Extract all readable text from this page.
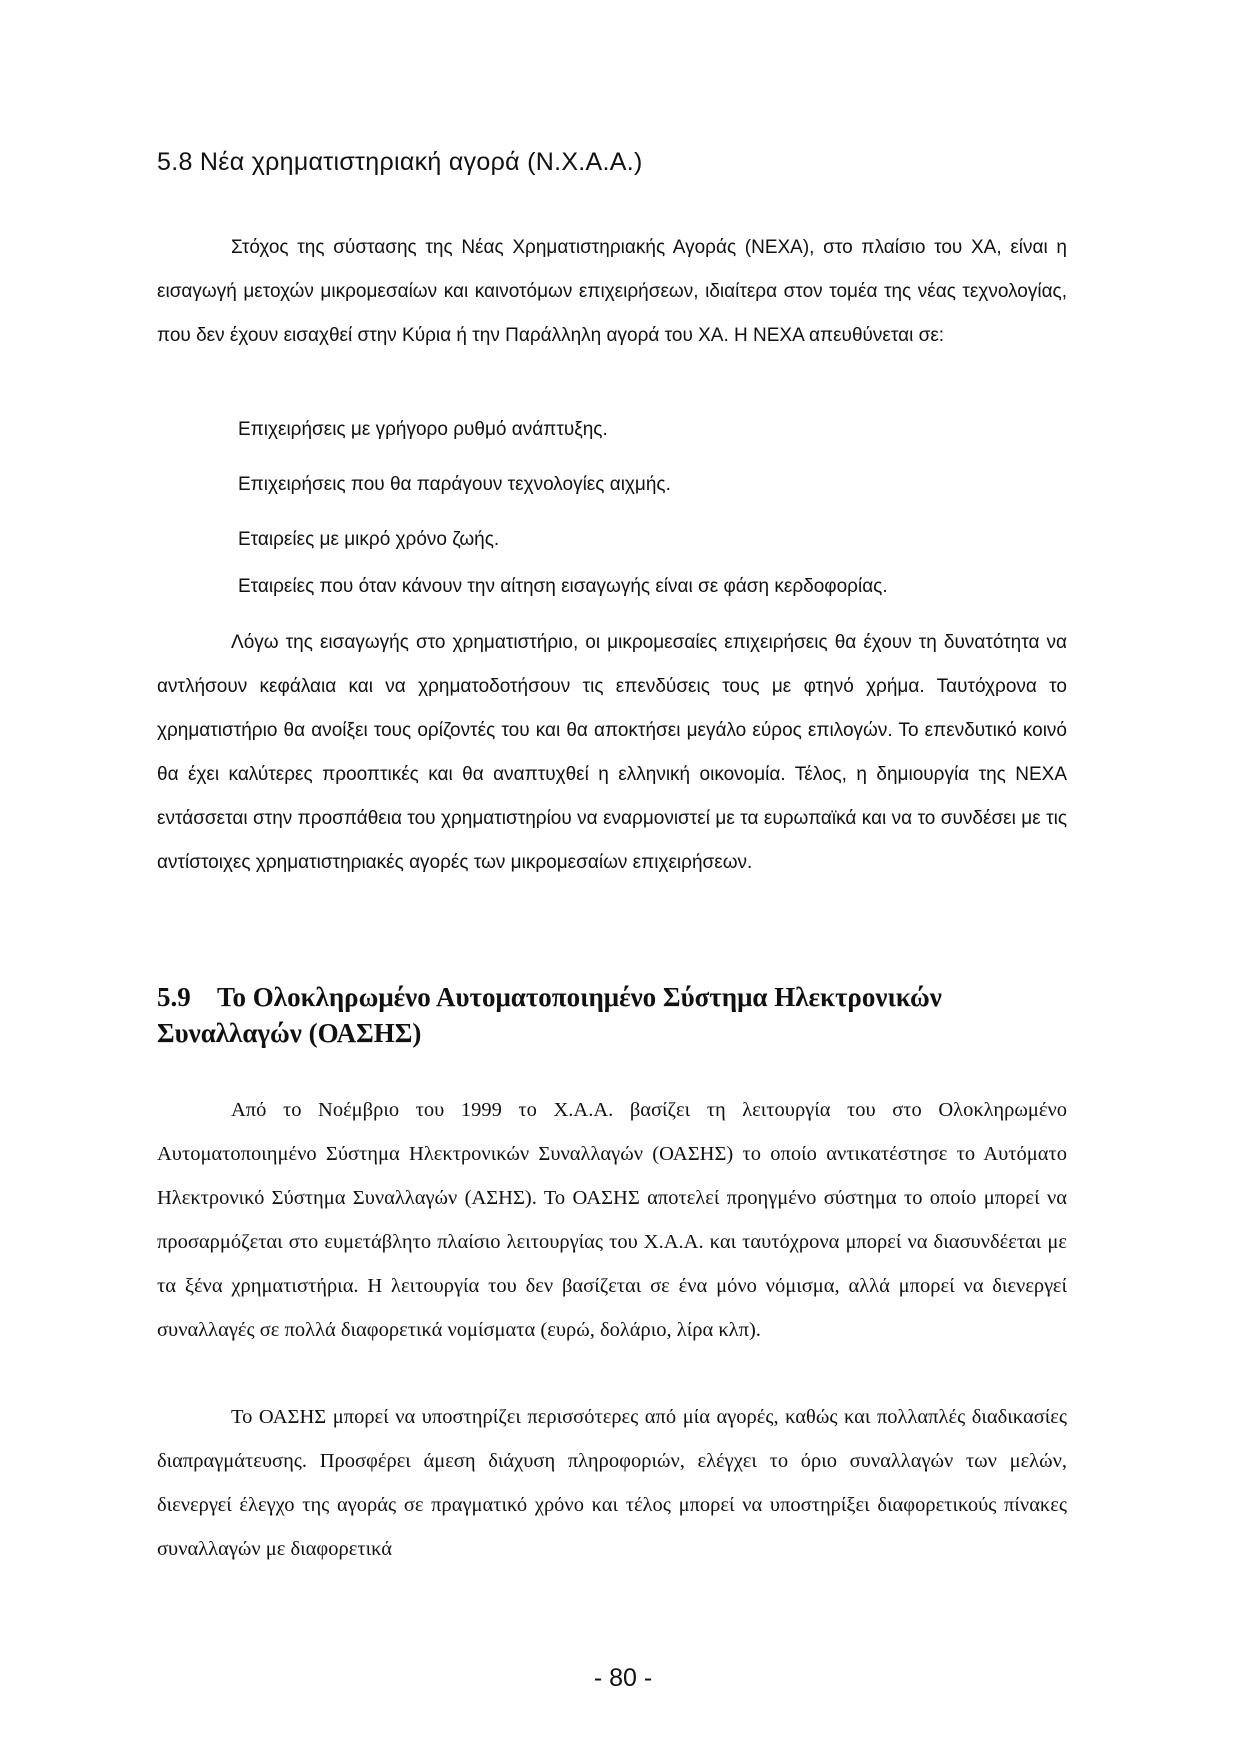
5.8 Νέα χρηματιστηριακή αγορά (Ν.Χ.Α.Α.)

Στόχος της σύστασης της Νέας Χρηματιστηριακής Αγοράς (ΝΕΧΑ), στο πλαίσιο του ΧΑ, είναι η εισαγωγή μετοχών μικρομεσαίων και καινοτόμων επιχειρήσεων, ιδιαίτερα στον τομέα της νέας τεχνολογίας, που δεν έχουν εισαχθεί στην Κύρια ή την Παράλληλη αγορά του ΧΑ. Η ΝΕΧΑ απευθύνεται σε:

Επιχειρήσεις με γρήγορο ρυθμό ανάπτυξης.
Επιχειρήσεις που θα παράγουν τεχνολογίες αιχμής.
Εταιρείες με μικρό χρόνο ζωής.
Εταιρείες που όταν κάνουν την αίτηση εισαγωγής είναι σε φάση κερδοφορίας.

Λόγω της εισαγωγής στο χρηματιστήριο, οι μικρομεσαίες επιχειρήσεις θα έχουν τη δυνατότητα να αντλήσουν κεφάλαια και να χρηματοδοτήσουν τις επενδύσεις τους με φτηνό χρήμα. Ταυτόχρονα το χρηματιστήριο θα ανοίξει τους ορίζοντές του και θα αποκτήσει μεγάλο εύρος επιλογών. Το επενδυτικό κοινό θα έχει καλύτερες προοπτικές και θα αναπτυχθεί η ελληνική οικονομία. Τέλος, η δημιουργία της ΝΕΧΑ εντάσσεται στην προσπάθεια του χρηματιστηρίου να εναρμονιστεί με τα ευρωπαϊκά και να το συνδέσει με τις αντίστοιχες χρηματιστηριακές αγορές των μικρομεσαίων επιχειρήσεων.

5.9 Το Ολοκληρωμένο Αυτοματοποιημένο Σύστημα Ηλεκτρονικών Συναλλαγών (ΟΑΣΗΣ)

Από το Νοέμβριο του 1999 το Χ.Α.Α. βασίζει τη λειτουργία του στο Ολοκληρωμένο Αυτοματοποιημένο Σύστημα Ηλεκτρονικών Συναλλαγών (ΟΑΣΗΣ) το οποίο αντικατέστησε το Αυτόματο Ηλεκτρονικό Σύστημα Συναλλαγών (ΑΣΗΣ). Το ΟΑΣΗΣ αποτελεί προηγμένο σύστημα το οποίο μπορεί να προσαρμόζεται στο ευμετάβλητο πλαίσιο λειτουργίας του Χ.Α.Α. και ταυτόχρονα μπορεί να διασυνδέεται με τα ξένα χρηματιστήρια. Η λειτουργία του δεν βασίζεται σε ένα μόνο νόμισμα, αλλά μπορεί να διενεργεί συναλλαγές σε πολλά διαφορετικά νομίσματα (ευρώ, δολάριο, λίρα κλπ).

Το ΟΑΣΗΣ μπορεί να υποστηρίζει περισσότερες από μία αγορές, καθώς και πολλαπλές διαδικασίες διαπραγμάτευσης. Προσφέρει άμεση διάχυση πληροφοριών, ελέγχει το όριο συναλλαγών των μελών, διενεργεί έλεγχο της αγοράς σε πραγματικό χρόνο και τέλος μπορεί να υποστηρίξει διαφορετικούς πίνακες συναλλαγών με διαφορετικά

- 80 -
